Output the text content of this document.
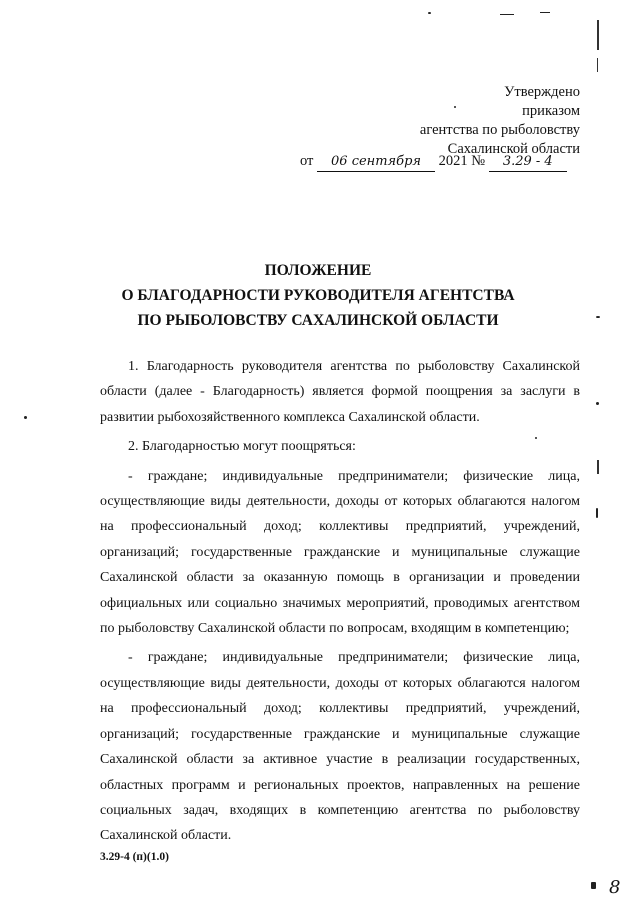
Утверждено
приказом
агентства по рыболовству
Сахалинской области
от 06 сентября 2021 № 3.29 - 4
ПОЛОЖЕНИЕ
О БЛАГОДАРНОСТИ РУКОВОДИТЕЛЯ АГЕНТСТВА
ПО РЫБОЛОВСТВУ САХАЛИНСКОЙ ОБЛАСТИ

1. Благодарность руководителя агентства по рыболовству Сахалинской области (далее - Благодарность) является формой поощрения за заслуги в развитии рыбохозяйственного комплекса Сахалинской области.

2. Благодарностью могут поощряться:

- граждане; индивидуальные предприниматели; физические лица, осуществляющие виды деятельности, доходы от которых облагаются налогом на профессиональный доход; коллективы предприятий, учреждений, организаций; государственные гражданские и муниципальные служащие Сахалинской области за оказанную помощь в организации и проведении официальных или социально значимых мероприятий, проводимых агентством по рыболовству Сахалинской области по вопросам, входящим в компетенцию;

- граждане; индивидуальные предприниматели; физические лица, осуществляющие виды деятельности, доходы от которых облагаются налогом на профессиональный доход; коллективы предприятий, учреждений, организаций; государственные гражданские и муниципальные служащие Сахалинской области за активное участие в реализации государственных, областных программ и региональных проектов, направленных на решение социальных задач, входящих в компетенцию агентства по рыболовству Сахалинской области.

3.29-4 (п)(1.0)
8
